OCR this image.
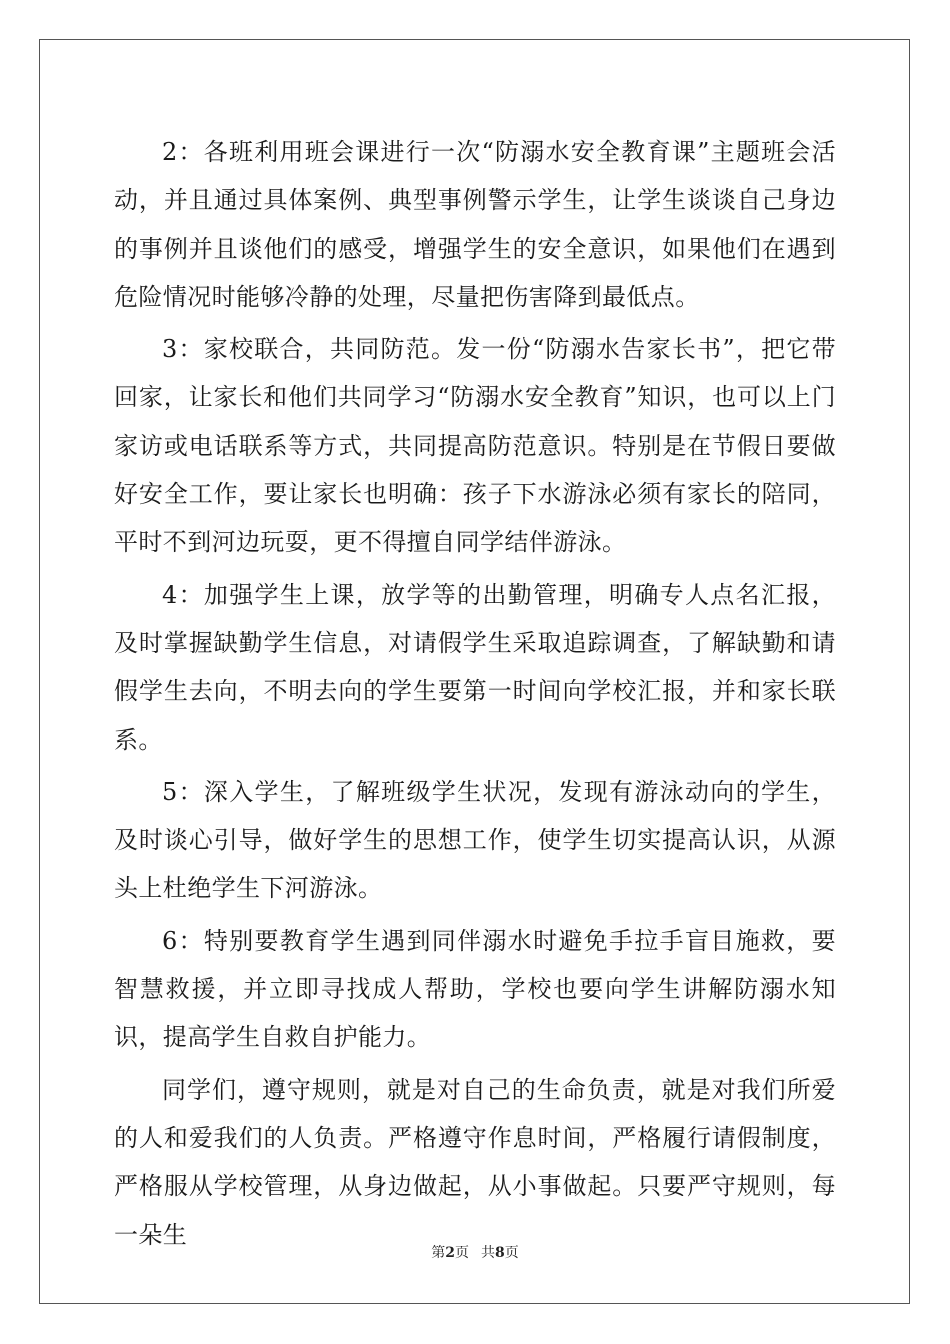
2：各班利用班会课进行一次“防溺水安全教育课”主题班会活动，并且通过具体案例、典型事例警示学生，让学生谈谈自己身边的事例并且谈他们的感受，增强学生的安全意识，如果他们在遇到危险情况时能够冷静的处理，尽量把伤害降到最低点。

3：家校联合，共同防范。发一份“防溺水告家长书”，把它带回家，让家长和他们共同学习“防溺水安全教育”知识，也可以上门家访或电话联系等方式，共同提高防范意识。特别是在节假日要做好安全工作，要让家长也明确：孩子下水游泳必须有家长的陪同，平时不到河边玩耍，更不得擅自同学结伴游泳。

4：加强学生上课，放学等的出勤管理，明确专人点名汇报，及时掌握缺勤学生信息，对请假学生采取追踪调查，了解缺勤和请假学生去向，不明去向的学生要第一时间向学校汇报，并和家长联系。

5：深入学生，了解班级学生状况，发现有游泳动向的学生，及时谈心引导，做好学生的思想工作，使学生切实提高认识，从源头上杜绝学生下河游泳。

6：特别要教育学生遇到同伴溺水时避免手拉手盲目施救，要智慧救援，并立即寻找成人帮助，学校也要向学生讲解防溺水知识，提高学生自救自护能力。

同学们，遵守规则，就是对自己的生命负责，就是对我们所爱的人和爱我们的人负责。严格遵守作息时间，严格履行请假制度，严格服从学校管理，从身边做起，从小事做起。只要严守规则，每一朵生

第2页 共8页
